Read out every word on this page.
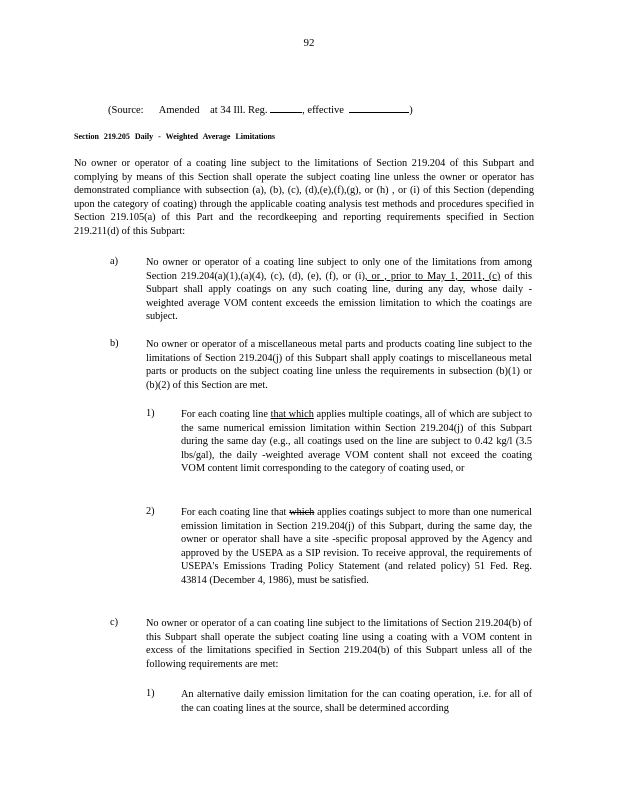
92
(Source: Amended at 34 Ill. Reg.	, effective	)
Section 219.205 Daily - Weighted Average Limitations

No owner or operator of a coating line subject to the limitations of Section 219.204 of this Subpart and complying by means of this Section shall operate the subject coating line unless the owner or operator has demonstrated compliance with subsection (a), (b), (c), (d),(e),(f),(g), or (h) , or (i) of this Section (depending upon the category of coating) through the applicable coating analysis test methods and procedures specified in Section 219.105(a) of this Part and the recordkeeping and reporting requirements specified in Section 219.211(d) of this Subpart:

a)	No owner or operator of a coating line subject to only one of the limitations from among Section 219.204(a)(1),(a)(4), (c), (d), (e), (f), or (i), or , prior to May 1, 2011, (c) of this Subpart shall apply coatings on any such coating line, during any day, whose daily - weighted average VOM content exceeds the emission limitation to which the coatings are subject.

b)	No owner or operator of a miscellaneous metal parts and products coating line subject to the limitations of Section 219.204(j) of this Subpart shall apply coatings to miscellaneous metal parts or products on the subject coating line unless the requirements in subsection (b)(1) or (b)(2) of this Section are met.

1)	For each coating line that which applies multiple coatings, all of which are subject to the same numerical emission limitation within Section 219.204(j) of this Subpart during the same day (e.g., all coatings used on the line are subject to 0.42 kg/l (3.5 lbs/gal), the daily -weighted average VOM content shall not exceed the coating VOM content limit corresponding to the category of coating used, or

2)	For each coating line that which applies coatings subject to more than one numerical emission limitation in Section 219.204(j) of this Subpart, during the same day, the owner or operator shall have a site -specific proposal approved by the Agency and approved by the USEPA as a SIP revision. To receive approval, the requirements of USEPA's Emissions Trading Policy Statement (and related policy) 51 Fed. Reg. 43814 (December 4, 1986), must be satisfied.

c)	No owner or operator of a can coating line subject to the limitations of Section 219.204(b) of this Subpart shall operate the subject coating line using a coating with a VOM content in excess of the limitations specified in Section 219.204(b) of this Subpart unless all of the following requirements are met:

1)	An alternative daily emission limitation for the can coating operation, i.e. for all of the can coating lines at the source, shall be determined according
